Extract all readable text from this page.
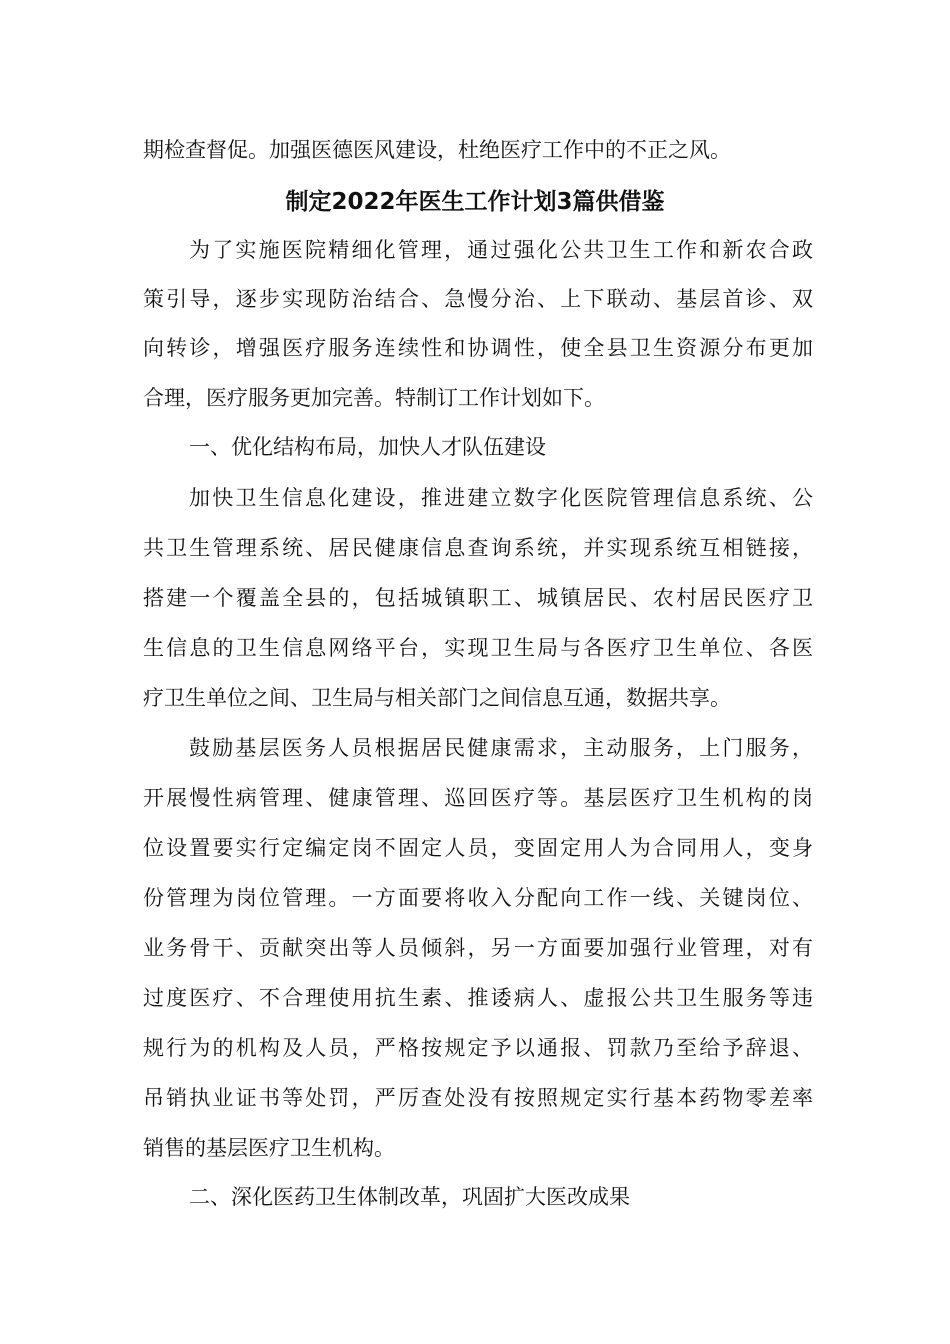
期检查督促。加强医德医风建设，杜绝医疗工作中的不正之风。
制定2022年医生工作计划3篇供借鉴
为了实施医院精细化管理，通过强化公共卫生工作和新农合政
策引导，逐步实现防治结合、急慢分治、上下联动、基层首诊、双
向转诊，增强医疗服务连续性和协调性，使全县卫生资源分布更加
合理，医疗服务更加完善。特制订工作计划如下。
一、优化结构布局，加快人才队伍建设
加快卫生信息化建设，推进建立数字化医院管理信息系统、公
共卫生管理系统、居民健康信息查询系统，并实现系统互相链接，
搭建一个覆盖全县的，包括城镇职工、城镇居民、农村居民医疗卫
生信息的卫生信息网络平台，实现卫生局与各医疗卫生单位、各医
疗卫生单位之间、卫生局与相关部门之间信息互通，数据共享。
鼓励基层医务人员根据居民健康需求，主动服务，上门服务，
开展慢性病管理、健康管理、巡回医疗等。基层医疗卫生机构的岗
位设置要实行定编定岗不固定人员，变固定用人为合同用人，变身
份管理为岗位管理。一方面要将收入分配向工作一线、关键岗位、
业务骨干、贡献突出等人员倾斜，另一方面要加强行业管理，对有
过度医疗、不合理使用抗生素、推诿病人、虚报公共卫生服务等违
规行为的机构及人员，严格按规定予以通报、罚款乃至给予辞退、
吊销执业证书等处罚，严厉查处没有按照规定实行基本药物零差率
销售的基层医疗卫生机构。
二、深化医药卫生体制改革，巩固扩大医改成果
